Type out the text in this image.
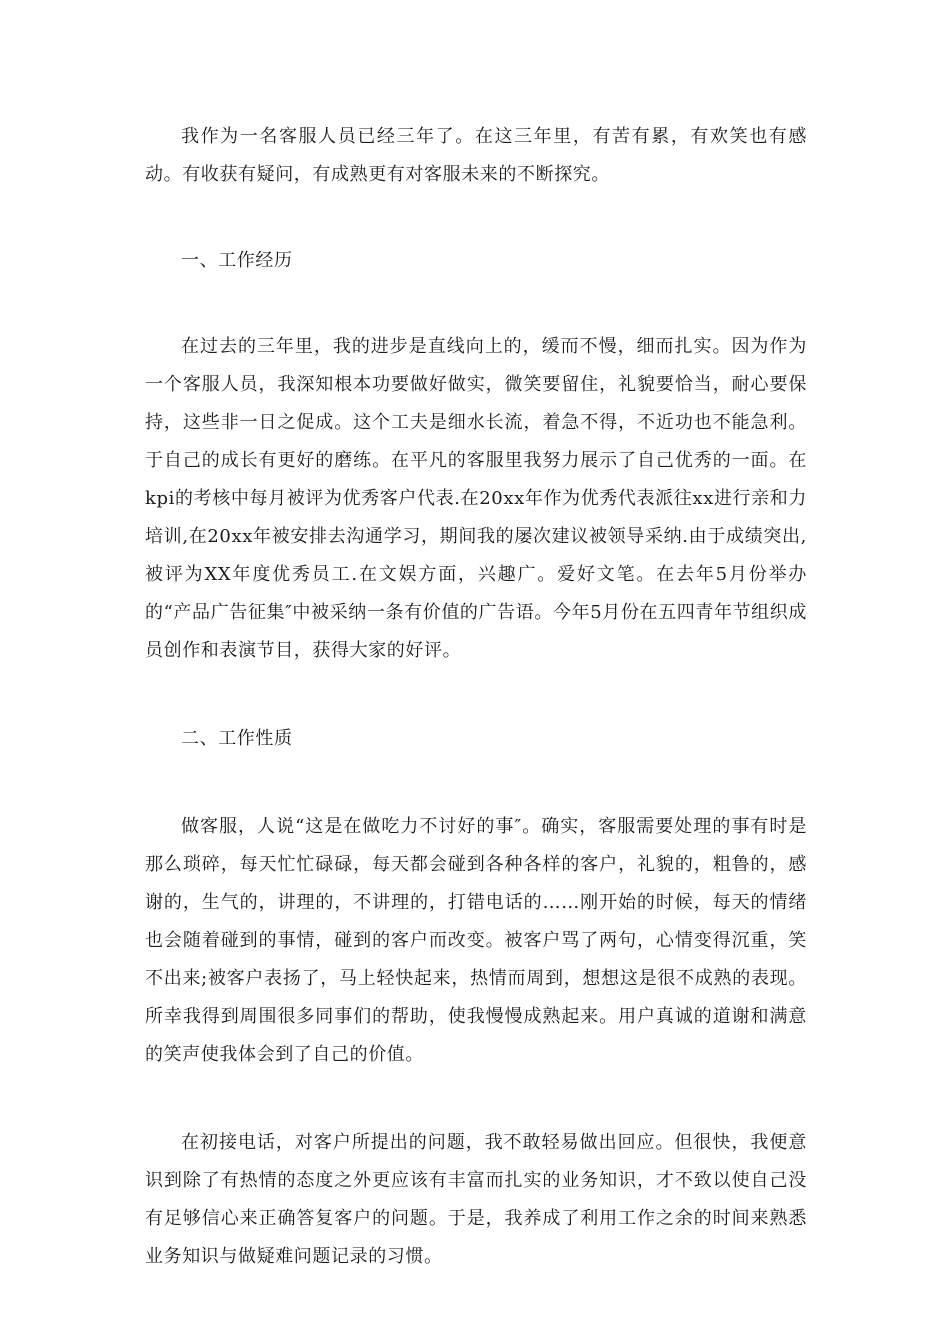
我作为一名客服人员已经三年了。在这三年里，有苦有累，有欢笑也有感动。有收获有疑问，有成熟更有对客服未来的不断探究。

一、工作经历

在过去的三年里，我的进步是直线向上的，缓而不慢，细而扎实。因为作为一个客服人员，我深知根本功要做好做实，微笑要留住，礼貌要恰当，耐心要保持，这些非一日之促成。这个工夫是细水长流，着急不得，不近功也不能急利。于自己的成长有更好的磨练。在平凡的客服里我努力展示了自己优秀的一面。在kpi的考核中每月被评为优秀客户代表.在20xx年作为优秀代表派往xx进行亲和力培训,在20xx年被安排去沟通学习，期间我的屡次建议被领导采纳.由于成绩突出,被评为XX年度优秀员工.在文娱方面，兴趣广。爱好文笔。在去年5月份举办的“产品广告征集″中被采纳一条有价值的广告语。今年5月份在五四青年节组织成员创作和表演节目，获得大家的好评。

二、工作性质

做客服，人说“这是在做吃力不讨好的事″。确实，客服需要处理的事有时是那么琐碎，每天忙忙碌碌，每天都会碰到各种各样的客户，礼貌的，粗鲁的，感谢的，生气的，讲理的，不讲理的，打错电话的……刚开始的时候，每天的情绪也会随着碰到的事情，碰到的客户而改变。被客户骂了两句，心情变得沉重，笑不出来;被客户表扬了，马上轻快起来，热情而周到，想想这是很不成熟的表现。所幸我得到周围很多同事们的帮助，使我慢慢成熟起来。用户真诚的道谢和满意的笑声使我体会到了自己的价值。

在初接电话，对客户所提出的问题，我不敢轻易做出回应。但很快，我便意识到除了有热情的态度之外更应该有丰富而扎实的业务知识，才不致以使自己没有足够信心来正确答复客户的问题。于是，我养成了利用工作之余的时间来熟悉业务知识与做疑难问题记录的习惯。
